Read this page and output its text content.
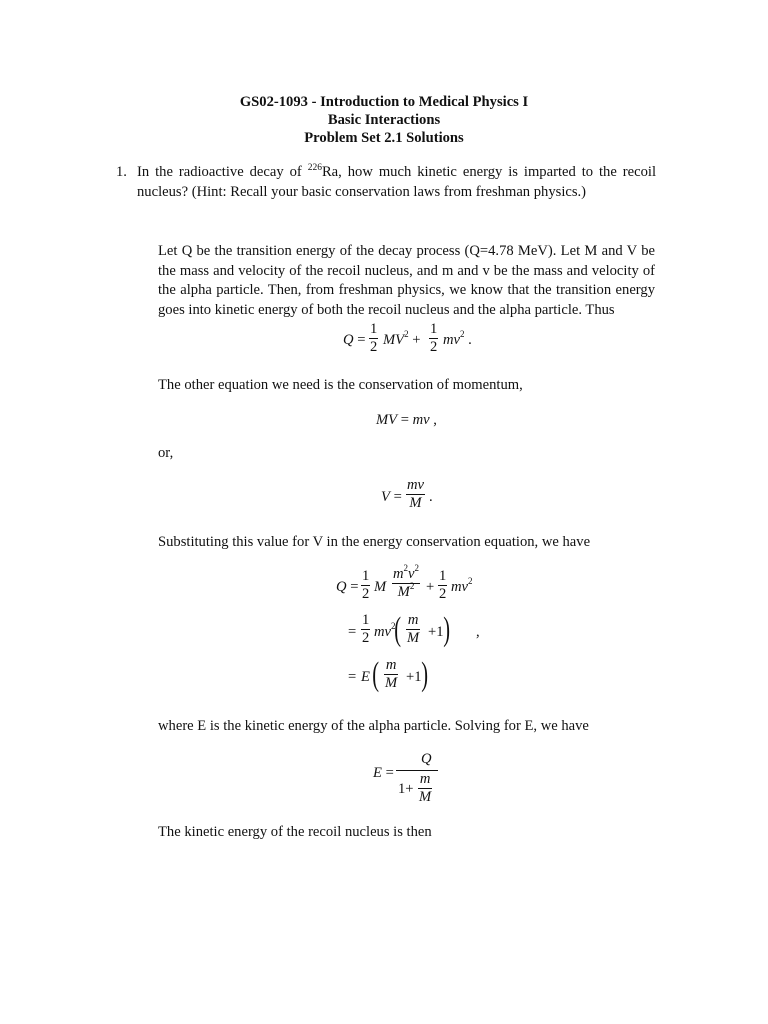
GS02-1093 - Introduction to Medical Physics I
Basic Interactions
Problem Set 2.1 Solutions
1. In the radioactive decay of $^{226}$Ra, how much kinetic energy is imparted to the recoil nucleus? (Hint: Recall your basic conservation laws from freshman physics.)
Let Q be the transition energy of the decay process (Q=4.78 MeV). Let M and V be the mass and velocity of the recoil nucleus, and m and v be the mass and velocity of the alpha particle. Then, from freshman physics, we know that the transition energy goes into kinetic energy of both the recoil nucleus and the alpha particle. Thus
$Q = \frac{1}{2} MV^2 + \frac{1}{2} mv^2$ .
The other equation we need is the conservation of momentum,
MV = mv ,
or,
$V = \frac{mv}{M}$ .
Substituting this value for V in the energy conservation equation, we have
$Q = \frac{1}{2}$ M $\frac{m^2v^2}{M^2} + \frac{1}{2} mv^2$
= $\frac{1}{2} mv^2$
( $\frac{m}{M} +1$ ) ,
= E ( $\frac{m}{M} +1$ )
where E is the kinetic energy of the alpha particle. Solving for E, we have
E =
Q
$1+ \frac{m}{M}$
The kinetic energy of the recoil nucleus is then
